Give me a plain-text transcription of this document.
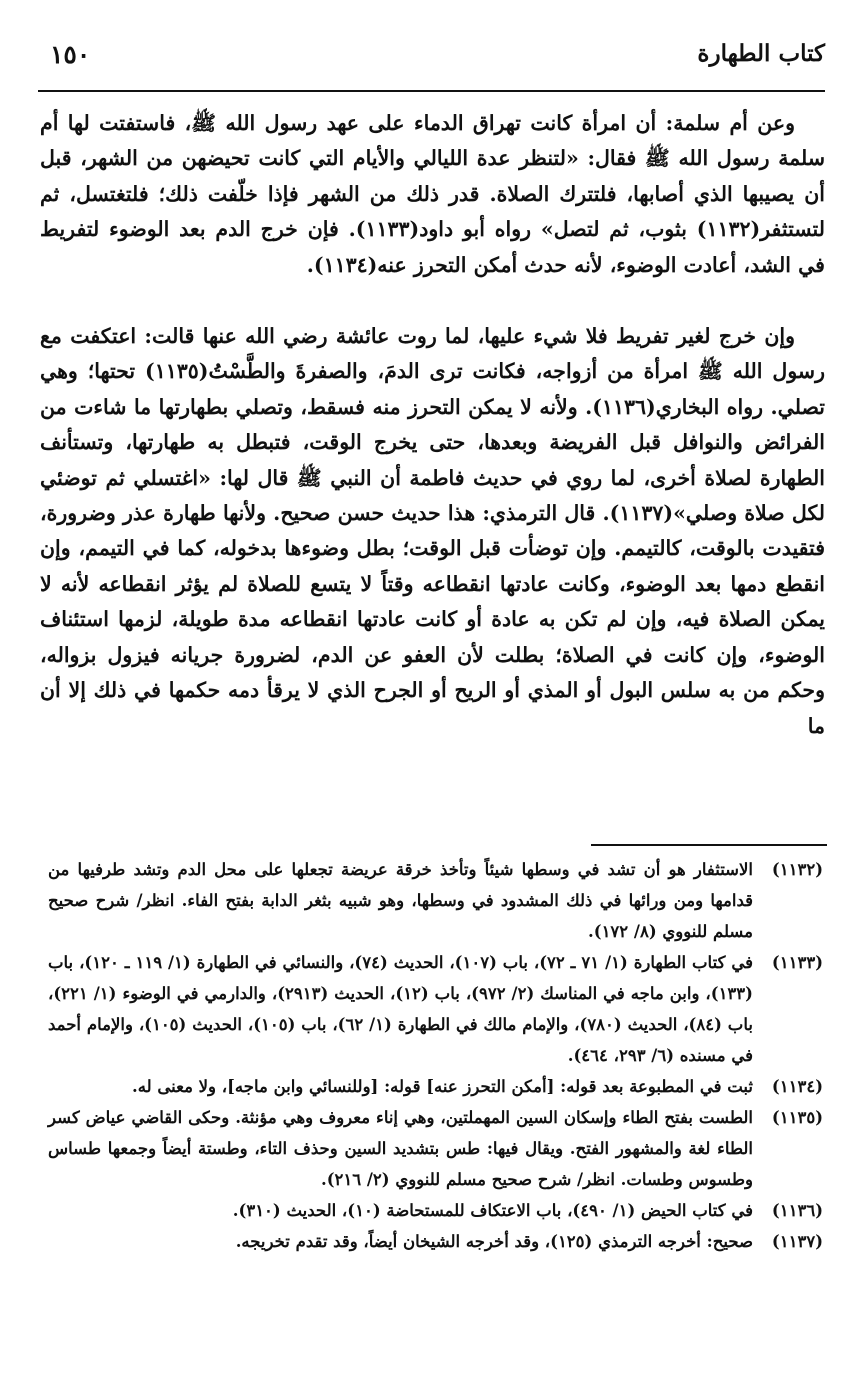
كتاب الطهارة
١٥٠

وعن أم سلمة: أن امرأة كانت تهراق الدماء على عهد رسول الله ﷺ، فاستفتت لها أم سلمة رسول الله ﷺ فقال: «لتنظر عدة الليالي والأيام التي كانت تحيضهن من الشهر، قبل أن يصيبها الذي أصابها، فلتترك الصلاة. قدر ذلك من الشهر فإذا خلّفت ذلك؛ فلتغتسل، ثم لتستثفر(١١٣٢) بثوب، ثم لتصل» رواه أبو داود(١١٣٣). فإن خرج الدم بعد الوضوء لتفريط في الشد، أعادت الوضوء، لأنه حدث أمكن التحرز عنه(١١٣٤).

وإن خرج لغير تفريط فلا شيء عليها، لما روت عائشة رضي الله عنها قالت: اعتكفت مع رسول الله ﷺ امرأة من أزواجه، فكانت ترى الدمَ، والصفرةَ والطَّسْتُ(١١٣٥) تحتها؛ وهي تصلي. رواه البخاري(١١٣٦). ولأنه لا يمكن التحرز منه فسقط، وتصلي بطهارتها ما شاءت من الفرائض والنوافل قبل الفريضة وبعدها، حتى يخرج الوقت، فتبطل به طهارتها، وتستأنف الطهارة لصلاة أخرى، لما روي في حديث فاطمة أن النبي ﷺ قال لها: «اغتسلي ثم توضئي لكل صلاة وصلي»(١١٣٧). قال الترمذي: هذا حديث حسن صحيح. ولأنها طهارة عذر وضرورة، فتقيدت بالوقت، كالتيمم. وإن توضأت قبل الوقت؛ بطل وضوءها بدخوله، كما في التيمم، وإن انقطع دمها بعد الوضوء، وكانت عادتها انقطاعه وقتاً لا يتسع للصلاة لم يؤثر انقطاعه لأنه لا يمكن الصلاة فيه، وإن لم تكن به عادة أو كانت عادتها انقطاعه مدة طويلة، لزمها استئناف الوضوء، وإن كانت في الصلاة؛ بطلت لأن العفو عن الدم، لضرورة جريانه فيزول بزواله، وحكم من به سلس البول أو المذي أو الريح أو الجرح الذي لا يرقأ دمه حكمها في ذلك إلا أن ما

(١١٣٢)
الاستثفار هو أن تشد في وسطها شيئاً وتأخذ خرقة عريضة تجعلها على محل الدم وتشد طرفيها من قدامها ومن ورائها في ذلك المشدود في وسطها، وهو شبيه بثغر الدابة بفتح الفاء. انظر/ شرح صحيح مسلم للنووي (٨/ ١٧٢).
(١١٣٣)
في كتاب الطهارة (١/ ٧١ ـ ٧٢)، باب (١٠٧)، الحديث (٧٤)، والنسائي في الطهارة (١/ ١١٩ ـ ١٢٠)، باب (١٣٣)، وابن ماجه في المناسك (٢/ ٩٧٢)، باب (١٢)، الحديث (٢٩١٣)، والدارمي في الوضوء (١/ ٢٢١)، باب (٨٤)، الحديث (٧٨٠)، والإمام مالك في الطهارة (١/ ٦٢)، باب (١٠٥)، الحديث (١٠٥)، والإمام أحمد في مسنده (٦/ ٢٩٣، ٤٦٤).
(١١٣٤)
ثبت في المطبوعة بعد قوله: [أمكن التحرز عنه] قوله: [وللنسائي وابن ماجه]، ولا معنى له.
(١١٣٥)
الطست بفتح الطاء وإسكان السين المهملتين، وهي إناء معروف وهي مؤنثة. وحكى القاضي عياض كسر الطاء لغة والمشهور الفتح. ويقال فيها: طس بتشديد السين وحذف التاء، وطستة أيضاً وجمعها طساس وطسوس وطسات. انظر/ شرح صحيح مسلم للنووي (٢/ ٢١٦).
(١١٣٦)
في كتاب الحيض (١/ ٤٩٠)، باب الاعتكاف للمستحاضة (١٠)، الحديث (٣١٠).
(١١٣٧)
صحيح: أخرجه الترمذي (١٢٥)، وقد أخرجه الشيخان أيضاً، وقد تقدم تخريجه.
